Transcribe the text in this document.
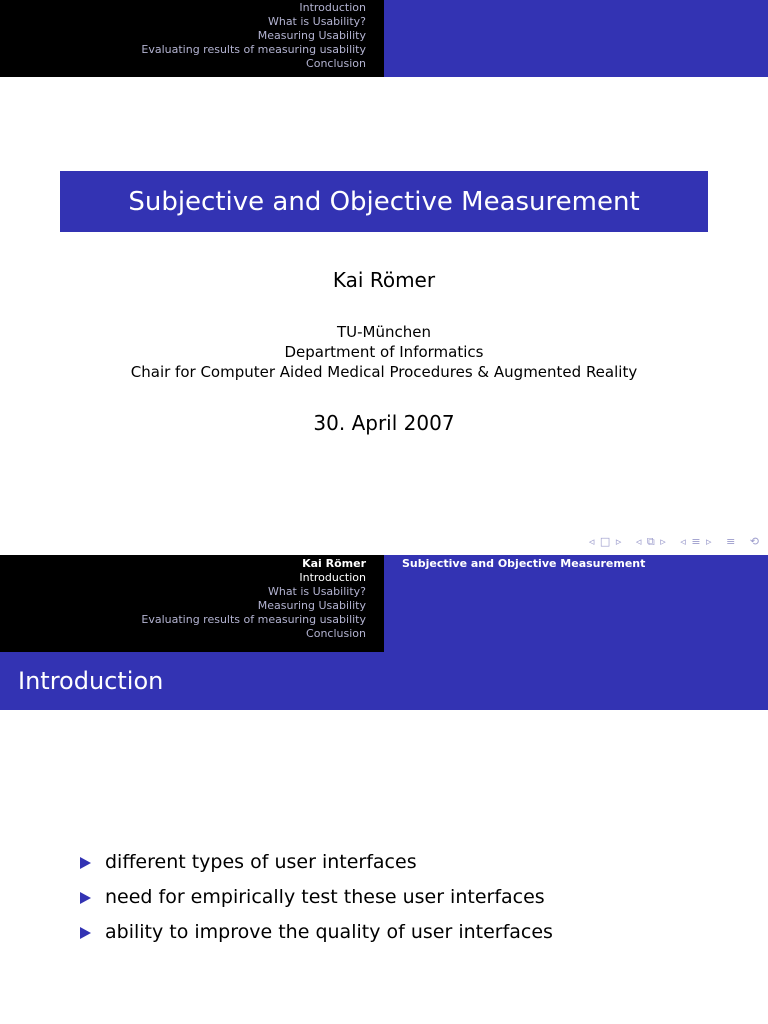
Introduction
What is Usability?
Measuring Usability
Evaluating results of measuring usability
Conclusion
Subjective and Objective Measurement
Kai Römer
TU-München
Department of Informatics
Chair for Computer Aided Medical Procedures & Augmented Reality
30. April 2007
◃ □ ▹ ◃ ⧉ ▹ ◃ ≡ ▹ ≡ ⟲
Kai Römer
Introduction
What is Usability?
Measuring Usability
Evaluating results of measuring usability
Conclusion
Subjective and Objective Measurement
Introduction
different types of user interfaces
need for empirically test these user interfaces
ability to improve the quality of user interfaces
